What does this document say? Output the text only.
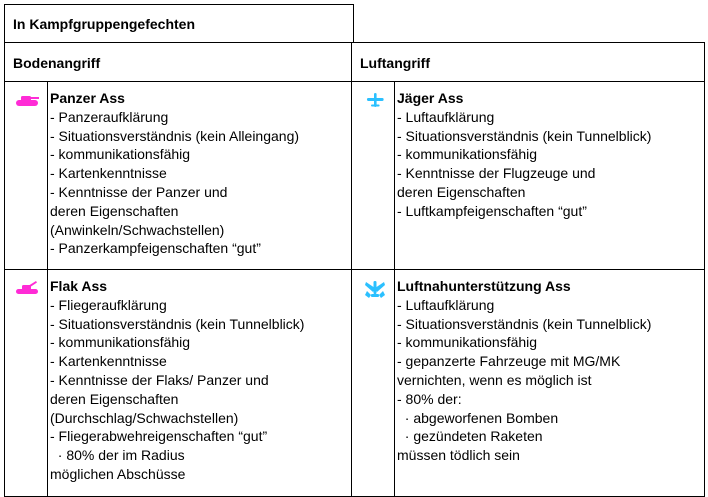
In Kampfgruppengefechten
Bodenangriff	Luftangriff
Panzer Ass
- Panzeraufklärung
- Situationsverständnis (kein Alleingang)
- kommunikationsfähig
- Kartenkenntnisse
- Kenntnisse der Panzer und
deren Eigenschaften
(Anwinkeln/Schwachstellen)
- Panzerkampfeigenschaften “gut”
Jäger Ass
- Luftaufklärung
- Situationsverständnis (kein Tunnelblick)
- kommunikationsfähig
- Kenntnisse der Flugzeuge und
deren Eigenschaften
- Luftkampfeigenschaften “gut”
Flak Ass
- Fliegeraufklärung
- Situationsverständnis (kein Tunnelblick)
- kommunikationsfähig
- Kartenkenntnisse
- Kenntnisse der Flaks/ Panzer und
deren Eigenschaften
(Durchschlag/Schwachstellen)
- Fliegerabwehreigenschaften “gut”
· 80% der im Radius
möglichen Abschüsse
Luftnahunterstützung Ass
- Luftaufklärung
- Situationsverständnis (kein Tunnelblick)
- kommunikationsfähig
- gepanzerte Fahrzeuge mit MG/MK
vernichten, wenn es möglich ist
- 80% der:
· abgeworfenen Bomben
· gezündeten Raketen
müssen tödlich sein
